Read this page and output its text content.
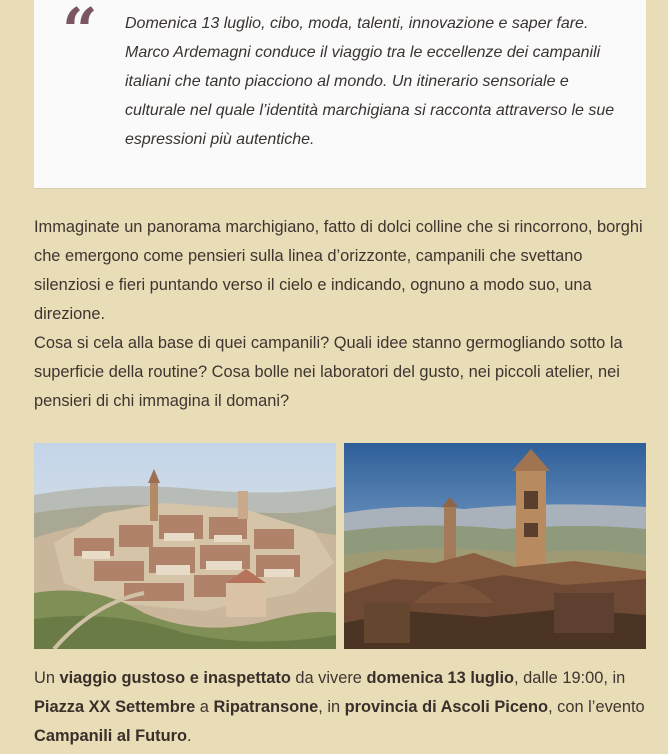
“ Domenica 13 luglio, cibo, moda, talenti, innovazione e saper fare. Marco Ardemagni conduce il viaggio tra le eccellenze dei campanili italiani che tanto piacciono al mondo. Un itinerario sensoriale e culturale nel quale l’identità marchigiana si racconta attraverso le sue espressioni più autentiche.

Immaginate un panorama marchigiano, fatto di dolci colline che si rincorrono, borghi che emergono come pensieri sulla linea d’orizzonte, campanili che svettano silenziosi e fieri puntando verso il cielo e indicando, ognuno a modo suo, una direzione.

Cosa si cela alla base di quei campanili? Quali idee stanno germogliando sotto la superficie della routine? Cosa bolle nei laboratori del gusto, nei piccoli atelier, nei pensieri di chi immagina il domani?

Un viaggio gustoso e inaspettato da vivere domenica 13 luglio, dalle 19:00, in Piazza XX Settembre a Ripatransone, in provincia di Ascoli Piceno, con l’evento Campanili al Futuro.
